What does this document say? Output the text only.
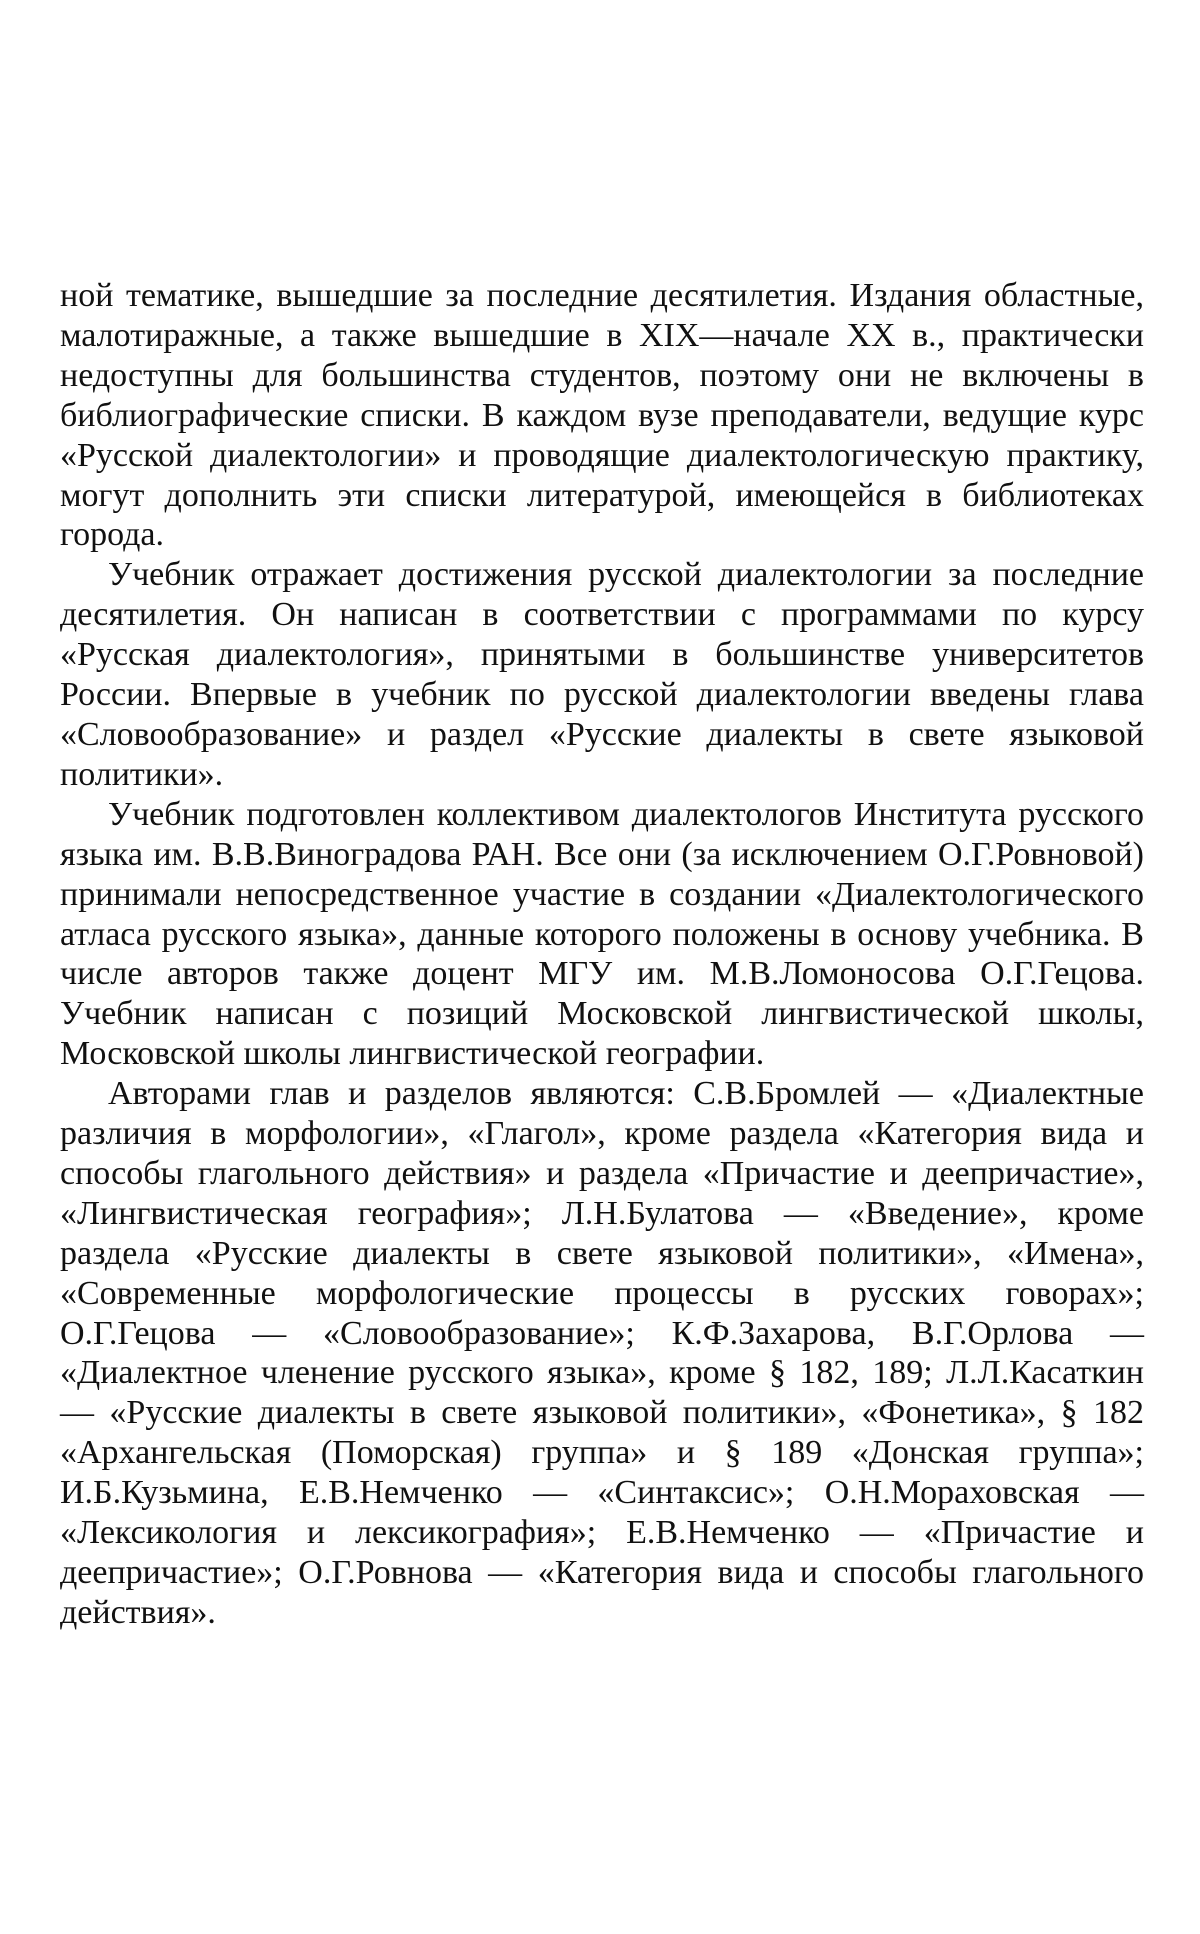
ной тематике, вышедшие за последние десятилетия. Издания областные, малотиражные, а также вышедшие в XIX—начале XX в., практически недоступны для большинства студентов, поэтому они не включены в библиографические списки. В каждом вузе преподаватели, ведущие курс «Русской диалектологии» и проводящие диалектологическую практику, могут дополнить эти списки литературой, имеющейся в библиотеках города.

Учебник отражает достижения русской диалектологии за последние десятилетия. Он написан в соответствии с программами по курсу «Русская диалектология», принятыми в большинстве университетов России. Впервые в учебник по русской диалектологии введены глава «Словообразование» и раздел «Русские диалекты в свете языковой политики».

Учебник подготовлен коллективом диалектологов Института русского языка им. В.В.Виноградова РАН. Все они (за исключением О.Г.Ровновой) принимали непосредственное участие в создании «Диалектологического атласа русского языка», данные которого положены в основу учебника. В числе авторов также доцент МГУ им. М.В.Ломоносова О.Г.Гецова. Учебник написан с позиций Московской лингвистической школы, Московской школы лингвистической географии.

Авторами глав и разделов являются: С.В.Бромлей — «Диалектные различия в морфологии», «Глагол», кроме раздела «Категория вида и способы глагольного действия» и раздела «Причастие и деепричастие», «Лингвистическая география»; Л.Н.Булатова — «Введение», кроме раздела «Русские диалекты в свете языковой политики», «Имена», «Современные морфологические процессы в русских говорах»; О.Г.Гецова — «Словообразование»; К.Ф.Захарова, В.Г.Орлова — «Диалектное членение русского языка», кроме § 182, 189; Л.Л.Касаткин — «Русские диалекты в свете языковой политики», «Фонетика», § 182 «Архангельская (Поморская) группа» и § 189 «Донская группа»; И.Б.Кузьмина, Е.В.Немченко — «Синтаксис»; О.Н.Мораховская — «Лексикология и лексикография»; Е.В.Немченко — «Причастие и деепричастие»; О.Г.Ровнова — «Категория вида и способы глагольного действия».
